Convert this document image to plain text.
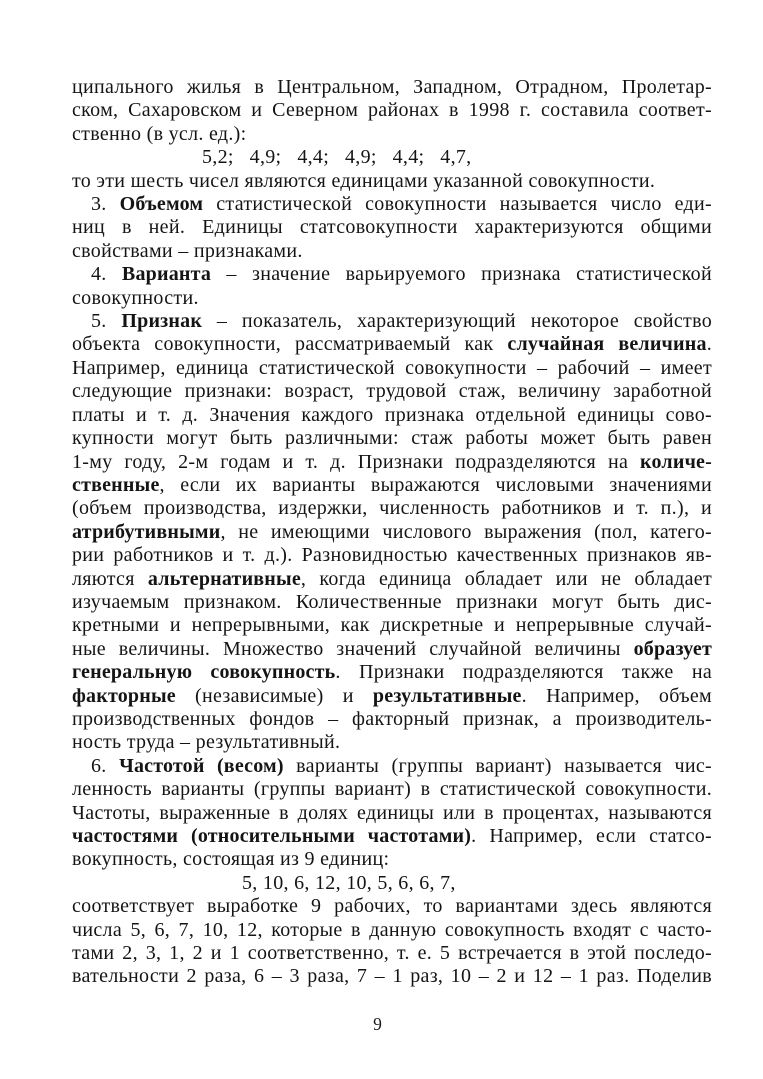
ципального жилья в Центральном, Западном, Отрадном, Пролетар-
ском, Сахаровском и Северном районах в 1998 г. составила соответ-
ственно (в усл. ед.):
5,2;   4,9;   4,4;   4,9;   4,4;   4,7,
то эти шесть чисел являются единицами указанной совокупности.
3. Объемом статистической совокупности называется число еди-
ниц в ней. Единицы статсовокупности характеризуются общими
свойствами – признаками.
4. Варианта – значение варьируемого признака статистической
совокупности.
5. Признак – показатель, характеризующий некоторое свойство
объекта совокупности, рассматриваемый как случайная величина.
Например, единица статистической совокупности – рабочий – имеет
следующие признаки: возраст, трудовой стаж, величину заработной
платы и т. д. Значения каждого признака отдельной единицы сово-
купности могут быть различными: стаж работы может быть равен
1-му году, 2-м годам и т. д. Признаки подразделяются на количе-
ственные, если их варианты выражаются числовыми значениями
(объем производства, издержки, численность работников и т. п.), и
атрибутивными, не имеющими числового выражения (пол, катего-
рии работников и т. д.). Разновидностью качественных признаков яв-
ляются альтернативные, когда единица обладает или не обладает
изучаемым признаком. Количественные признаки могут быть дис-
кретными и непрерывными, как дискретные и непрерывные случай-
ные величины. Множество значений случайной величины образует
генеральную совокупность. Признаки подразделяются также на
факторные (независимые) и результативные. Например, объем
производственных фондов – факторный признак, а производитель-
ность труда – результативный.
6. Частотой (весом) варианты (группы вариант) называется чис-
ленность варианты (группы вариант) в статистической совокупности.
Частоты, выраженные в долях единицы или в процентах, называются
частостями (относительными частотами). Например, если статсо-
вокупность, состоящая из 9 единиц:
5, 10, 6, 12, 10, 5, 6, 6, 7,
соответствует выработке 9 рабочих, то вариантами здесь являются
числа 5, 6, 7, 10, 12, которые в данную совокупность входят с часто-
тами 2, 3, 1, 2 и 1 соответственно, т. е. 5 встречается в этой последо-
вательности 2 раза, 6 – 3 раза, 7 – 1 раз, 10 – 2 и 12 – 1 раз. Поделив
9
